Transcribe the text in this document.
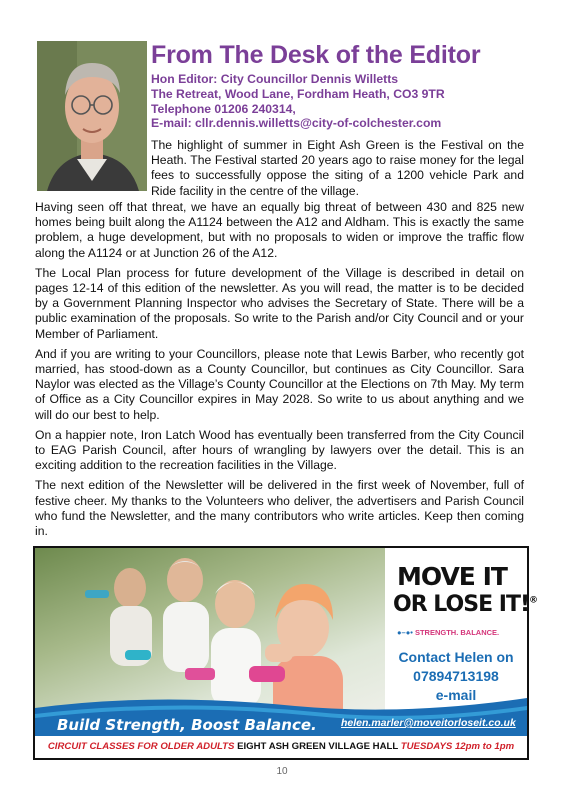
From The Desk of the Editor
Hon Editor: City Councillor Dennis Willetts
The Retreat, Wood Lane, Fordham Heath, CO3 9TR
Telephone 01206 240314,
E-mail: cllr.dennis.willetts@city-of-colchester.com

The highlight of summer in Eight Ash Green is the Festival on the Heath. The Festival started 20 years ago to raise money for the legal fees to successfully oppose the siting of a 1200 vehicle Park and Ride facility in the centre of the village.

Having seen off that threat, we have an equally big threat of between 430 and 825 new homes being built along the A1124 between the A12 and Aldham. This is exactly the same problem, a huge development, but with no proposals to widen or improve the traffic flow along the A1124 or at Junction 26 of the A12.

The Local Plan process for future development of the Village is described in detail on pages 12-14 of this edition of the newsletter. As you will read, the matter is to be decided by a Government Planning Inspector who advises the Secretary of State. There will be a public examination of the proposals. So write to the Parish and/or City Council and or your Member of Parliament.

And if you are writing to your Councillors, please note that Lewis Barber, who recently got married, has stood-down as a County Councillor, but continues as City Councillor. Sara Naylor was elected as the Village’s County Councillor at the Elections on 7th May. My term of Office as a City Councillor expires in May 2028. So write to us about anything and we will do our best to help.

On a happier note, Iron Latch Wood has eventually been transferred from the City Council to EAG Parish Council, after hours of wrangling by lawyers over the detail. This is an exciting addition to the recreation facilities in the Village.

The next edition of the Newsletter will be delivered in the first week of November, full of festive cheer. My thanks to the Volunteers who deliver, the advertisers and Parish Council who fund the Newsletter, and the many contributors who write articles. Keep then coming in.

MOVE IT
OR LOSE IT!®
●–●• STRENGTH. BALANCE.
Contact Helen on
07894713198
e-mail
Build Strength, Boost Balance. helen.marler@moveitorloseit.co.uk
CIRCUIT CLASSES FOR OLDER ADULTS EIGHT ASH GREEN VILLAGE HALL TUESDAYS 12pm to 1pm
10
